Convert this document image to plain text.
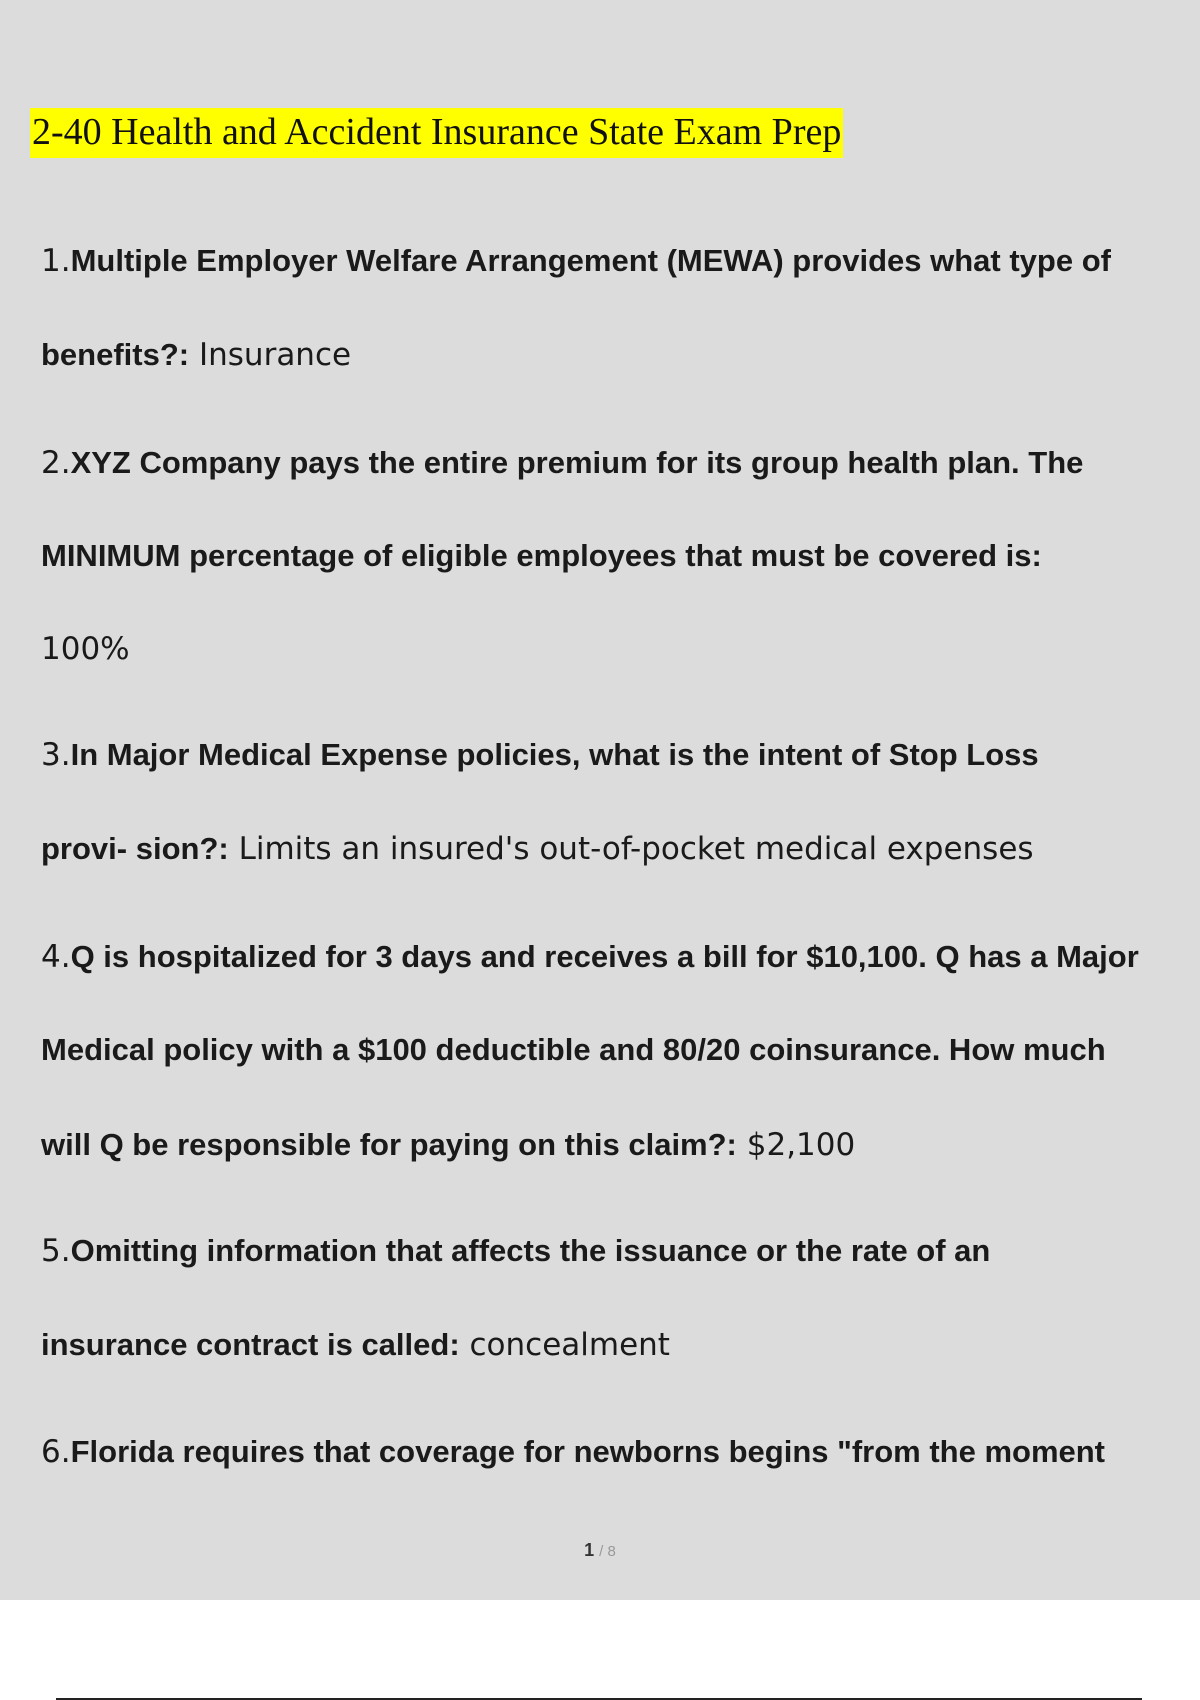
2-40 Health and Accident Insurance State Exam Prep
1.Multiple Employer Welfare Arrangement (MEWA) provides what type of
benefits?: Insurance
2.XYZ Company pays the entire premium for its group health plan. The
MINIMUM percentage of eligible employees that must be covered is:
100%
3.In Major Medical Expense policies, what is the intent of Stop Loss
provi- sion?: Limits an insured's out-of-pocket medical expenses
4.Q is hospitalized for 3 days and receives a bill for $10,100. Q has a Major
Medical policy with a $100 deductible and 80/20 coinsurance. How much
will Q be responsible for paying on this claim?: $2,100
5.Omitting information that affects the issuance or the rate of an
insurance contract is called: concealment
6.Florida requires that coverage for newborns begins "from the moment
1 / 8
